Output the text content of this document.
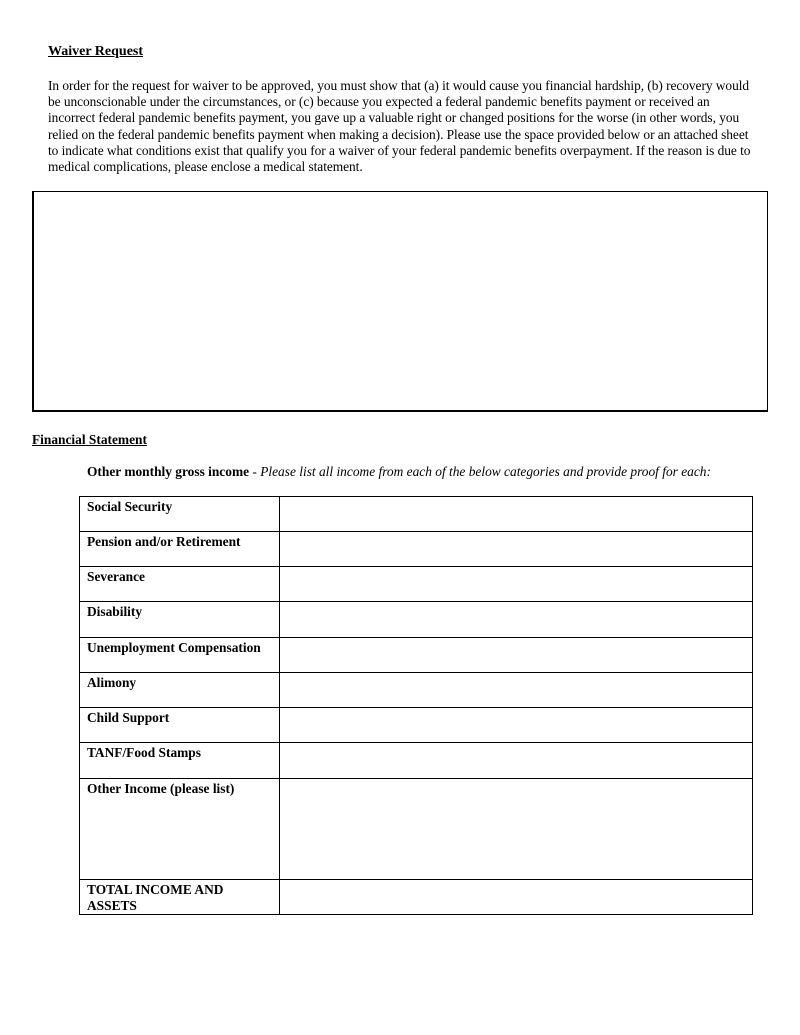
Waiver Request

In order for the request for waiver to be approved, you must show that (a) it would cause you financial hardship, (b) recovery would be unconscionable under the circumstances, or (c) because you expected a federal pandemic benefits payment or received an incorrect federal pandemic benefits payment, you gave up a valuable right or changed positions for the worse (in other words, you relied on the federal pandemic benefits payment when making a decision). Please use the space provided below or an attached sheet to indicate what conditions exist that qualify you for a waiver of your federal pandemic benefits overpayment. If the reason is due to medical complications, please enclose a medical statement.

Financial Statement

Other monthly gross income - Please list all income from each of the below categories and provide proof for each:

Social Security	
Pension and/or Retirement	
Severance	
Disability	
Unemployment Compensation	
Alimony	
Child Support	
TANF/Food Stamps	
Other Income (please list)	
TOTAL INCOME AND ASSETS	
